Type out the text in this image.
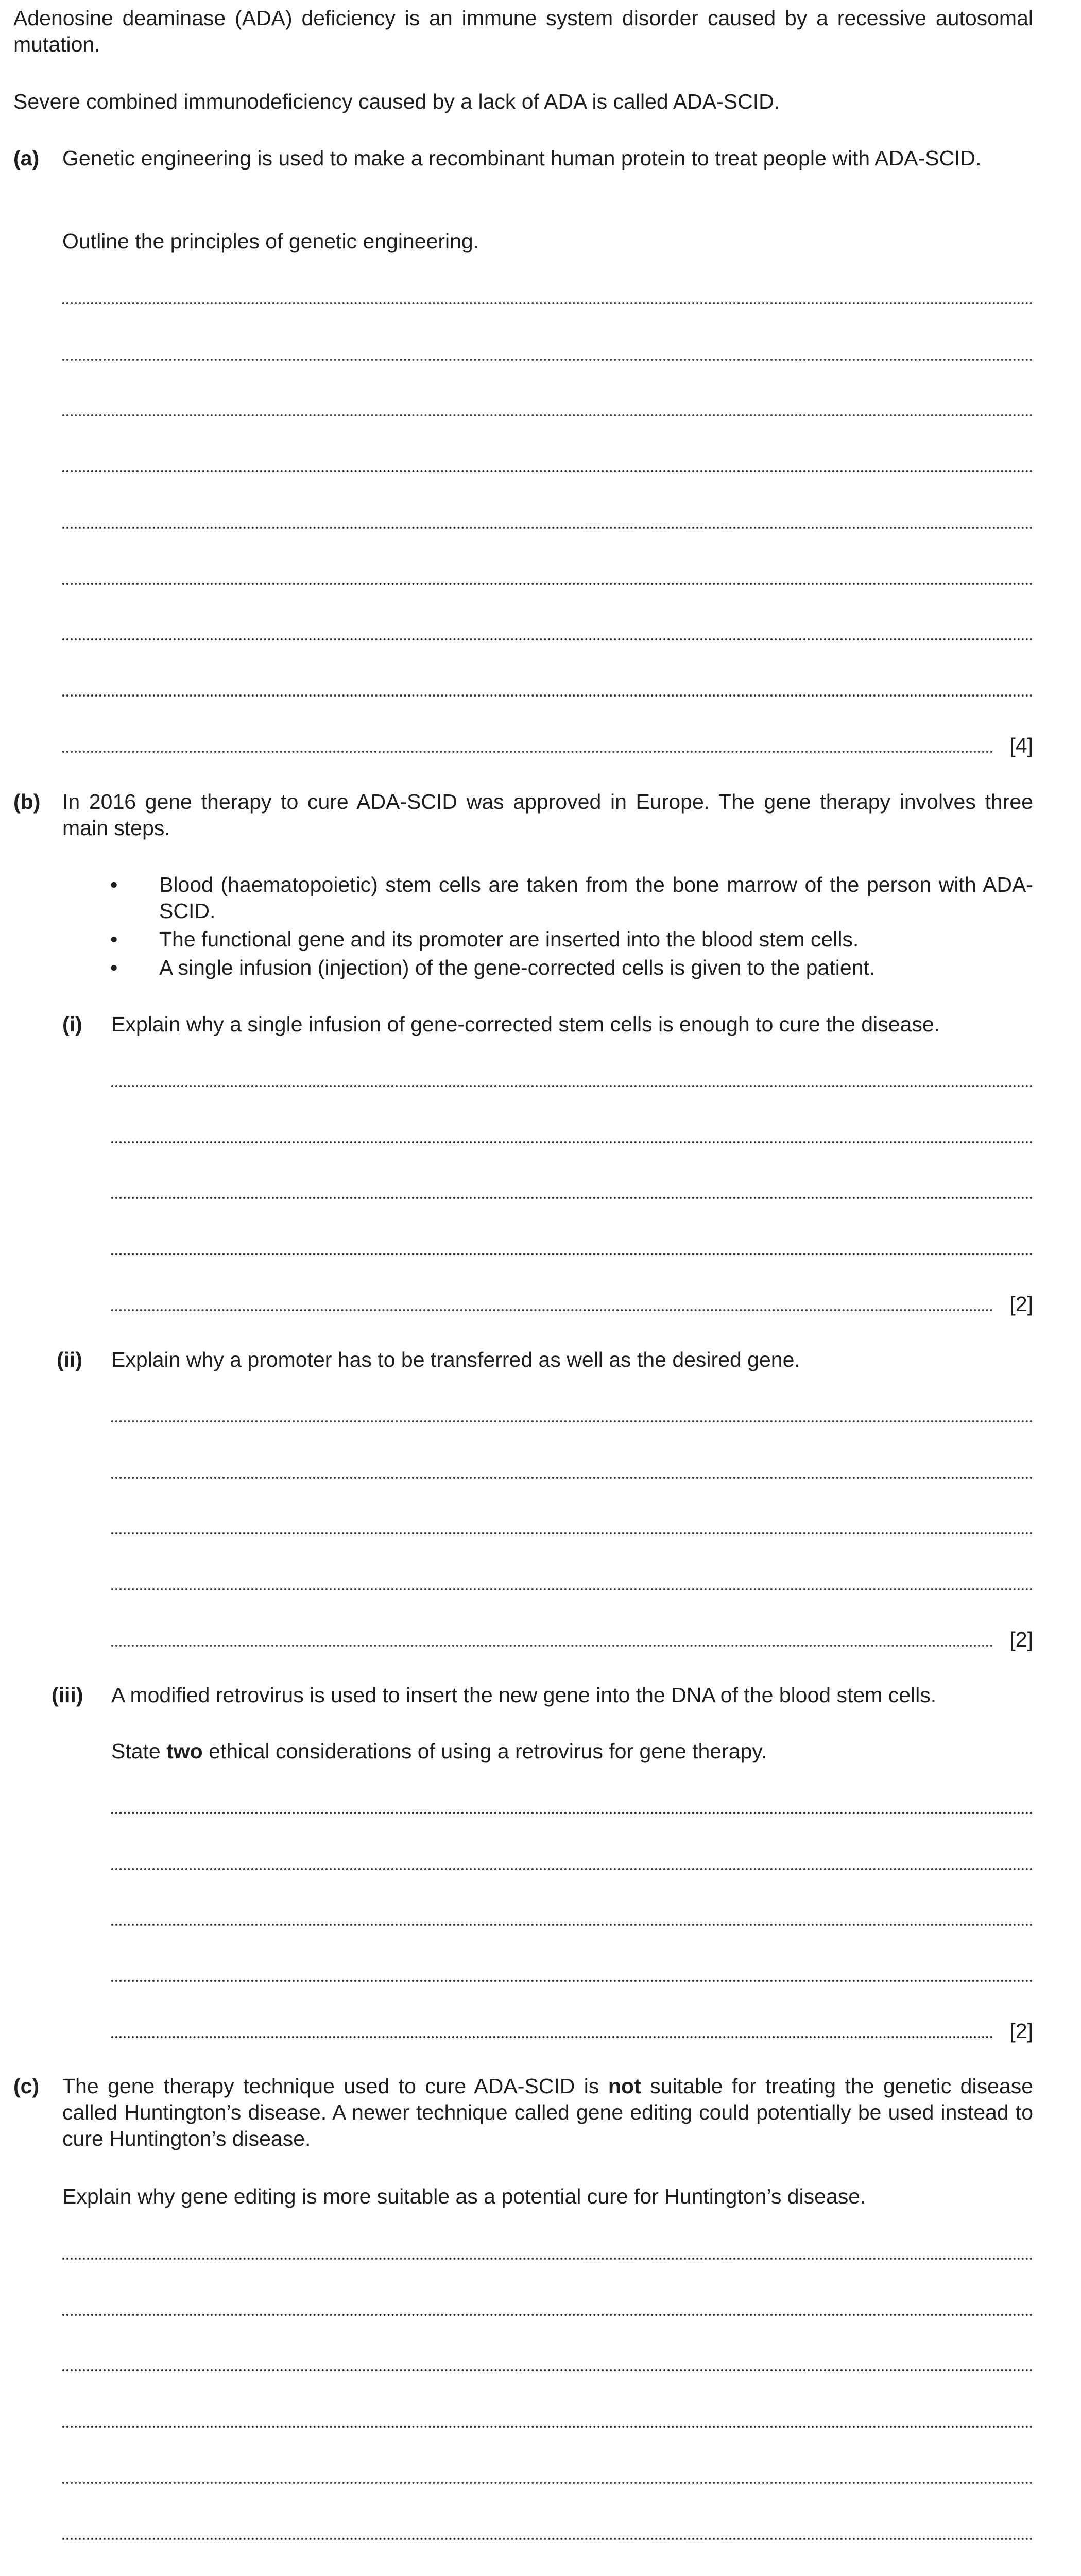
Adenosine deaminase (ADA) deficiency is an immune system disorder caused by a recessive autosomal mutation.
Severe combined immunodeficiency caused by a lack of ADA is called ADA-SCID.
(a) Genetic engineering is used to make a recombinant human protein to treat people with ADA-SCID.
Outline the principles of genetic engineering.
[4]
(b) In 2016 gene therapy to cure ADA-SCID was approved in Europe. The gene therapy involves three main steps.
• Blood (haematopoietic) stem cells are taken from the bone marrow of the person with ADA-SCID.
• The functional gene and its promoter are inserted into the blood stem cells.
• A single infusion (injection) of the gene-corrected cells is given to the patient.
(i) Explain why a single infusion of gene-corrected stem cells is enough to cure the disease.
[2]
(ii) Explain why a promoter has to be transferred as well as the desired gene.
[2]
(iii) A modified retrovirus is used to insert the new gene into the DNA of the blood stem cells.
State two ethical considerations of using a retrovirus for gene therapy.
[2]
(c) The gene therapy technique used to cure ADA-SCID is not suitable for treating the genetic disease called Huntington’s disease. A newer technique called gene editing could potentially be used instead to cure Huntington’s disease.
Explain why gene editing is more suitable as a potential cure for Huntington’s disease.
